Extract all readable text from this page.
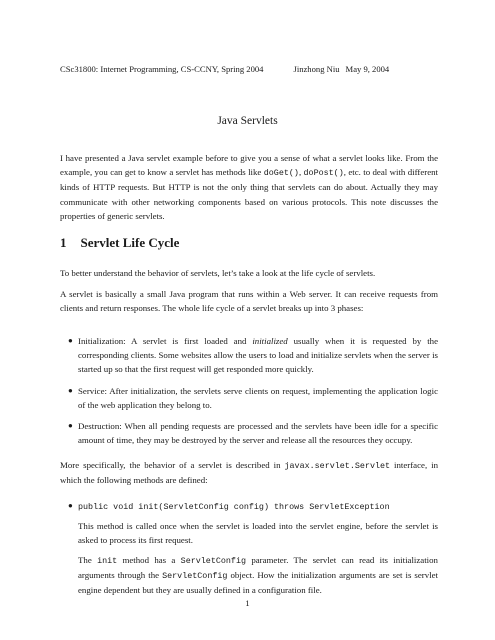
CSc31800: Internet Programming, CS-CCNY, Spring 2004	Jinzhong Niu May 9, 2004
Java Servlets

I have presented a Java servlet example before to give you a sense of what a servlet looks like. From the example, you can get to know a servlet has methods like doGet(), doPost(), etc. to deal with different kinds of HTTP requests. But HTTP is not the only thing that servlets can do about. Actually they may communicate with other networking components based on various protocols. This note discusses the properties of generic servlets.

1 Servlet Life Cycle

To better understand the behavior of servlets, let’s take a look at the life cycle of servlets.

A servlet is basically a small Java program that runs within a Web server. It can receive requests from clients and return responses. The whole life cycle of a servlet breaks up into 3 phases:

● Initialization: A servlet is first loaded and initialized usually when it is requested by the corresponding clients. Some websites allow the users to load and initialize servlets when the server is started up so that the first request will get responded more quickly.
● Service: After initialization, the servlets serve clients on request, implementing the application logic of the web application they belong to.
● Destruction: When all pending requests are processed and the servlets have been idle for a specific amount of time, they may be destroyed by the server and release all the resources they occupy.

More specifically, the behavior of a servlet is described in javax.servlet.Servlet interface, in which the following methods are defined:

● public void init(ServletConfig config) throws ServletException

This method is called once when the servlet is loaded into the servlet engine, before the servlet is asked to process its first request.

The init method has a ServletConfig parameter. The servlet can read its initialization arguments through the ServletConfig object. How the initialization arguments are set is servlet engine dependent but they are usually defined in a configuration file.

1
